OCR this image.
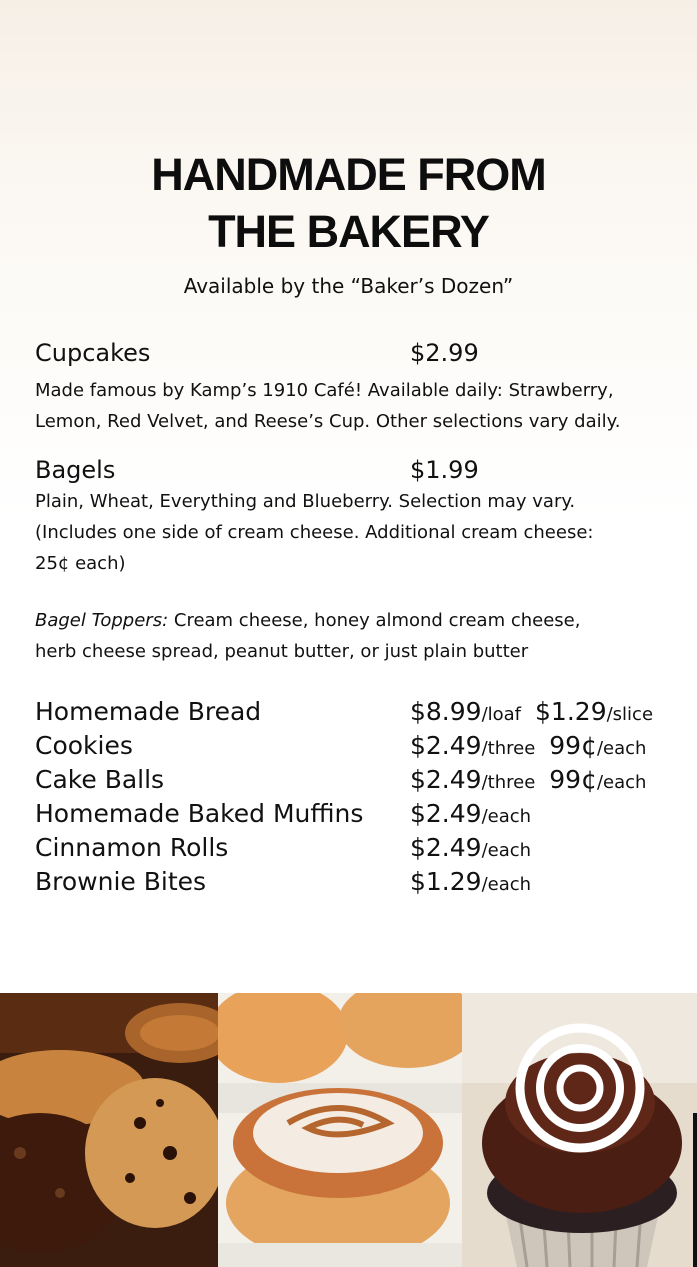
HANDMADE FROM
THE BAKERY
Available by the “Baker’s Dozen”
Cupcakes	$2.99
Made famous by Kamp’s 1910 Café! Available daily: Strawberry,
Lemon, Red Velvet, and Reese’s Cup. Other selections vary daily.
Bagels	$1.99
Plain, Wheat, Everything and Blueberry. Selection may vary.
(Includes one side of cream cheese. Additional cream cheese:
25¢ each)
Bagel Toppers: Cream cheese, honey almond cream cheese,
herb cheese spread, peanut butter, or just plain butter
Homemade Bread	$8.99/loaf $1.29/slice
Cookies	$2.49/three 99¢/each
Cake Balls	$2.49/three 99¢/each
Homemade Baked Muffins $2.49/each
Cinnamon Rolls	$2.49/each
Brownie Bites	$1.29/each
